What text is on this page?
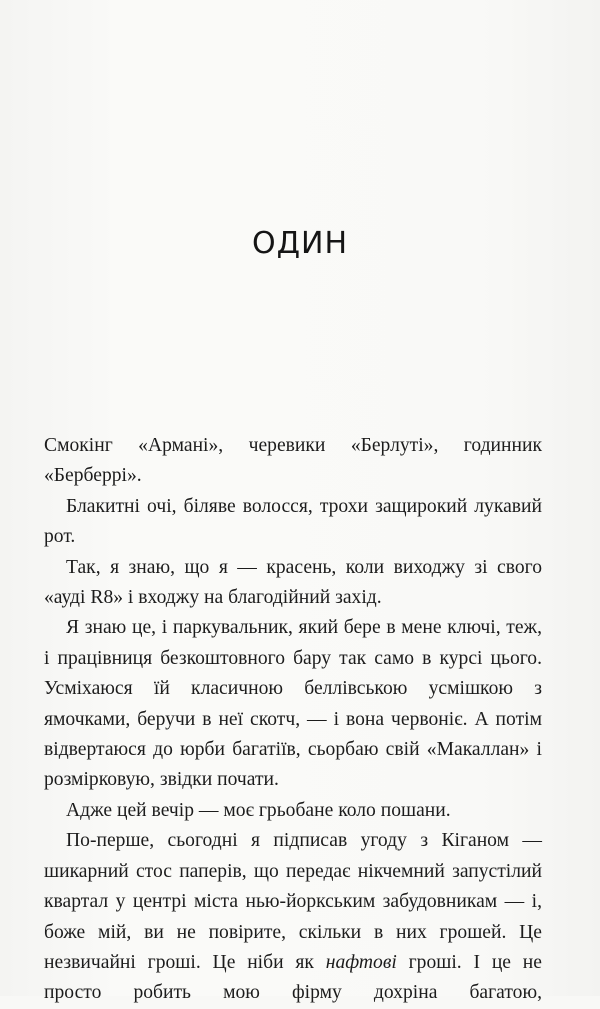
ОДИН

Смокінг «Армані», черевики «Берлуті», годинник «Берберрі».

Блакитні очі, біляве волосся, трохи защирокий лукавий рот.

Так, я знаю, що я — красень, коли виходжу зі свого «ауді R8» і входжу на благодійний захід.

Я знаю це, і паркувальник, який бере в мене ключі, теж, і працівниця безкоштовного бару так само в курсі цього. Усміхаюся їй класичною беллівською усмішкою з ямочками, беручи в неї скотч, — і вона червоніє. А потім відвертаюся до юрби багатіїв, сьорбаю свій «Макаллан» і розмірковую, звідки почати.

Адже цей вечір — моє грьобане коло пошани.

По-перше, сьогодні я підписав угоду з Кіганом — шикарний стос паперів, що передає нікчемний запустілий квартал у центрі міста нью-йоркським забудовникам — і, боже мій, ви не повірите, скільки в них грошей. Це незвичайні гроші. Це ніби як нафтові гроші. І це не просто робить мою фірму дохріна багатою,
